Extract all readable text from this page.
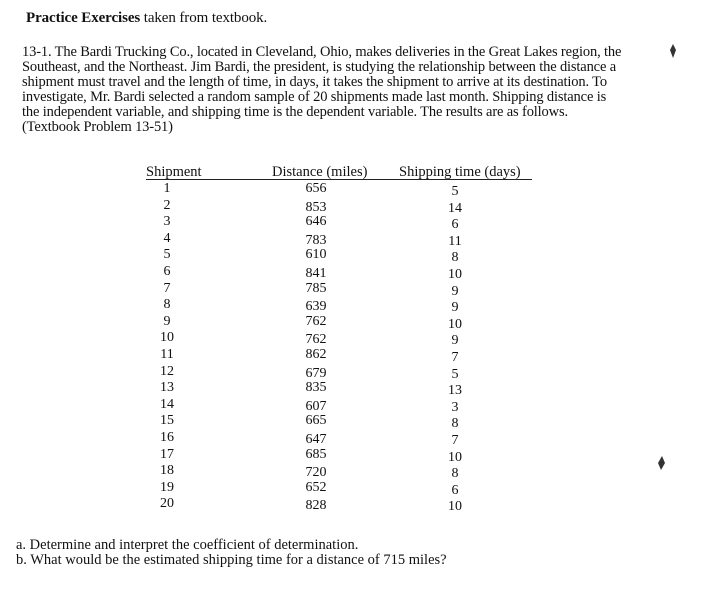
Practice Exercises taken from textbook.

13-1. The Bardi Trucking Co., located in Cleveland, Ohio, makes deliveries in the Great Lakes region, the Southeast, and the Northeast. Jim Bardi, the president, is studying the relationship between the distance a shipment must travel and the length of time, in days, it takes the shipment to arrive at its destination. To investigate, Mr. Bardi selected a random sample of 20 shipments made last month. Shipping distance is the independent variable, and shipping time is the dependent variable. The results are as follows. (Textbook Problem 13-51)

Shipment	Distance (miles) Shipping time (days)
1
2
3
4
5
6
7
8
9
10
11
12
13
14
15
16
17
18
19
20
656
853
646
783
610
841
785
639
762
762
862
679
835
607
665
647
685
720
652
828
5
14
6
11
8
10
9
9
10
9
7
5
13
3
8
7
10
8
6
10
a. Determine and interpret the coefficient of determination.
b. What would be the estimated shipping time for a distance of 715 miles?
